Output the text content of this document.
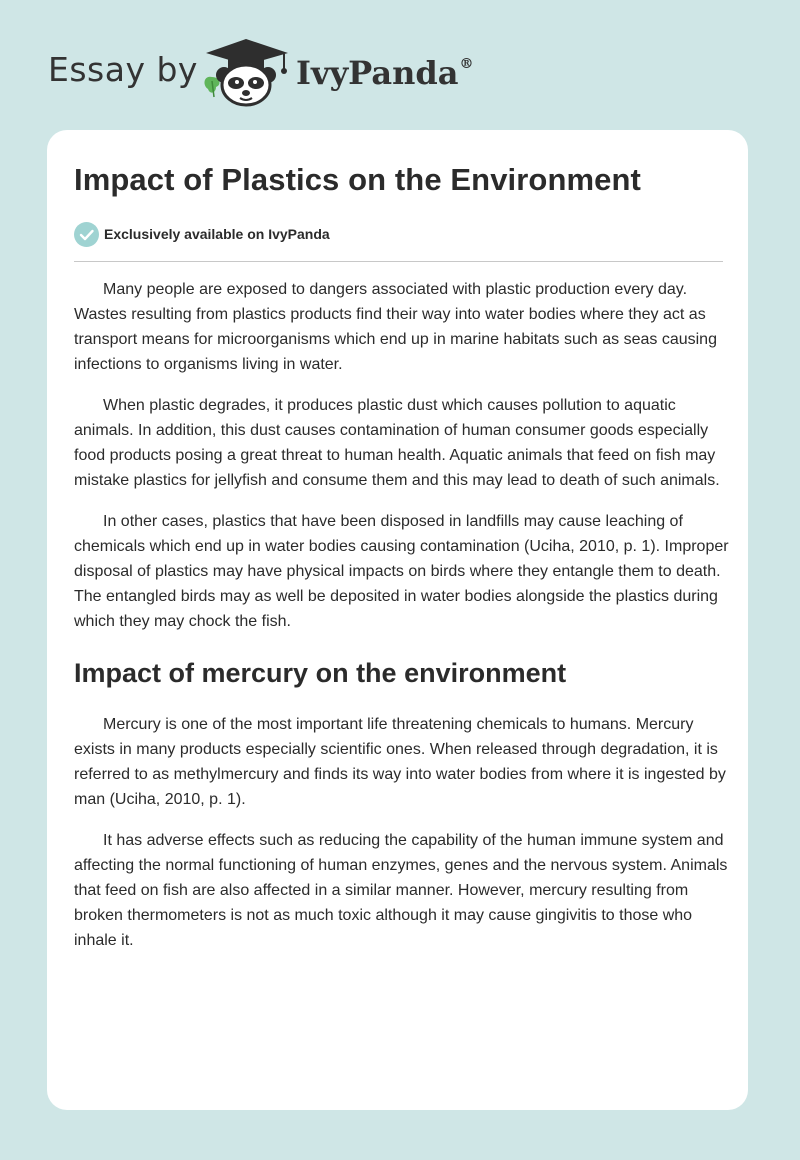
Essay by	IvyPanda®
Impact of Plastics on the Environment
Exclusively available on IvyPanda

Many people are exposed to dangers associated with plastic production every day. Wastes resulting from plastics products find their way into water bodies where they act as transport means for microorganisms which end up in marine habitats such as seas causing infections to organisms living in water.

When plastic degrades, it produces plastic dust which causes pollution to aquatic animals. In addition, this dust causes contamination of human consumer goods especially food products posing a great threat to human health. Aquatic animals that feed on fish may mistake plastics for jellyfish and consume them and this may lead to death of such animals.

In other cases, plastics that have been disposed in landfills may cause leaching of chemicals which end up in water bodies causing contamination (Uciha, 2010, p. 1). Improper disposal of plastics may have physical impacts on birds where they entangle them to death. The entangled birds may as well be deposited in water bodies alongside the plastics during which they may chock the fish.

Impact of mercury on the environment

Mercury is one of the most important life threatening chemicals to humans. Mercury exists in many products especially scientific ones. When released through degradation, it is referred to as methylmercury and finds its way into water bodies from where it is ingested by man (Uciha, 2010, p. 1).

It has adverse effects such as reducing the capability of the human immune system and affecting the normal functioning of human enzymes, genes and the nervous system. Animals that feed on fish are also affected in a similar manner. However, mercury resulting from broken thermometers is not as much toxic although it may cause gingivitis to those who inhale it.
